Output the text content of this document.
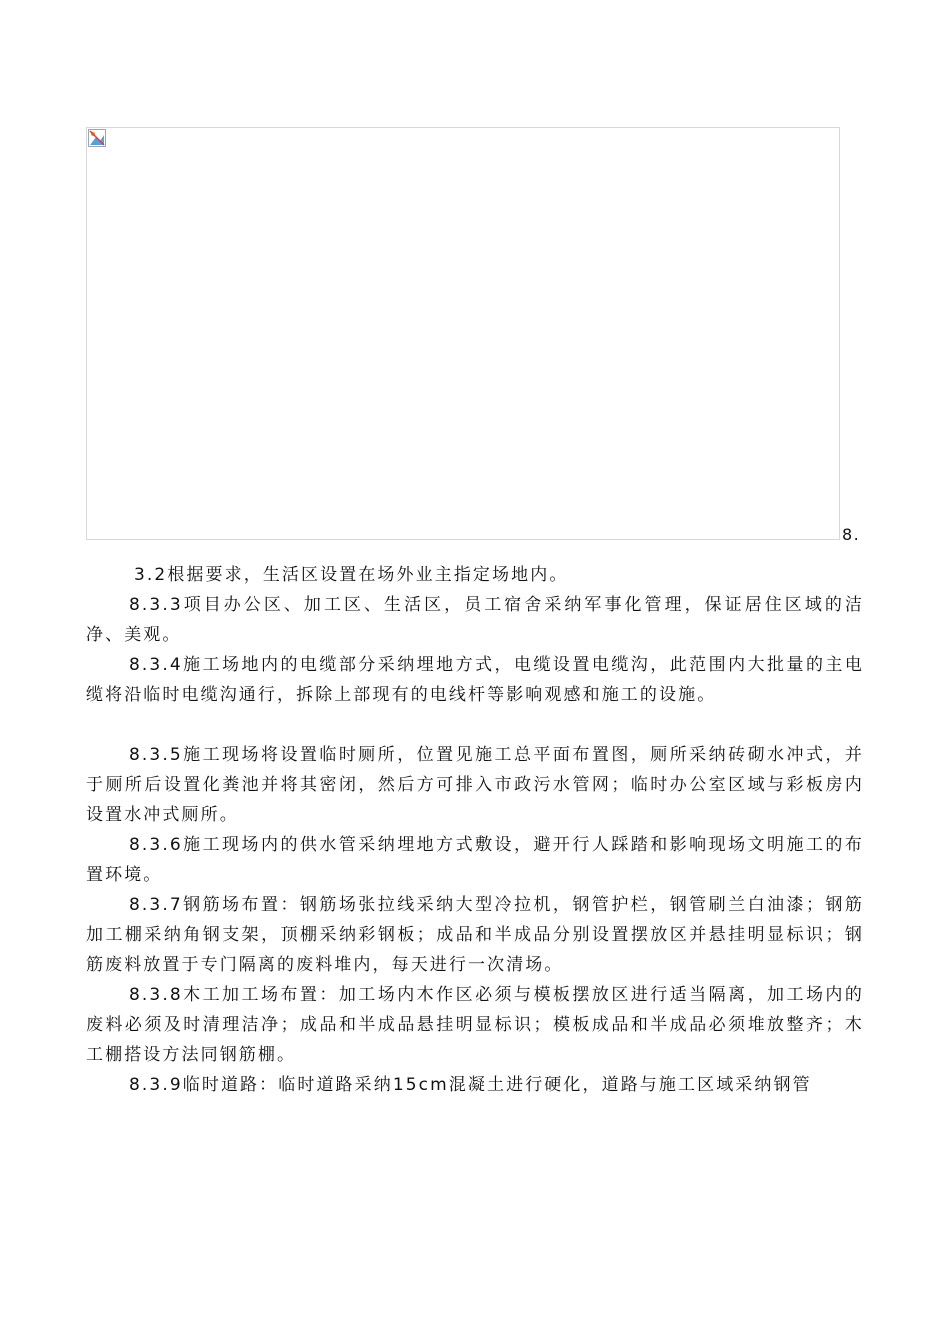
8.

3.2根据要求，生活区设置在场外业主指定场地内。

8.3.3项目办公区、加工区、生活区，员工宿舍采纳军事化管理，保证居住区域的洁净、美观。

8.3.4施工场地内的电缆部分采纳埋地方式，电缆设置电缆沟，此范围内大批量的主电缆将沿临时电缆沟通行，拆除上部现有的电线杆等影响观感和施工的设施。

8.3.5施工现场将设置临时厕所，位置见施工总平面布置图，厕所采纳砖砌水冲式，并于厕所后设置化粪池并将其密闭，然后方可排入市政污水管网；临时办公室区域与彩板房内设置水冲式厕所。

8.3.6施工现场内的供水管采纳埋地方式敷设，避开行人踩踏和影响现场文明施工的布置环境。

8.3.7钢筋场布置：钢筋场张拉线采纳大型冷拉机，钢管护栏，钢管刷兰白油漆；钢筋加工棚采纳角钢支架，顶棚采纳彩钢板；成品和半成品分别设置摆放区并悬挂明显标识；钢筋废料放置于专门隔离的废料堆内，每天进行一次清场。

8.3.8木工加工场布置：加工场内木作区必须与模板摆放区进行适当隔离，加工场内的废料必须及时清理洁净；成品和半成品悬挂明显标识；模板成品和半成品必须堆放整齐；木工棚搭设方法同钢筋棚。

8.3.9临时道路：临时道路采纳15cm混凝土进行硬化，道路与施工区域采纳钢管
